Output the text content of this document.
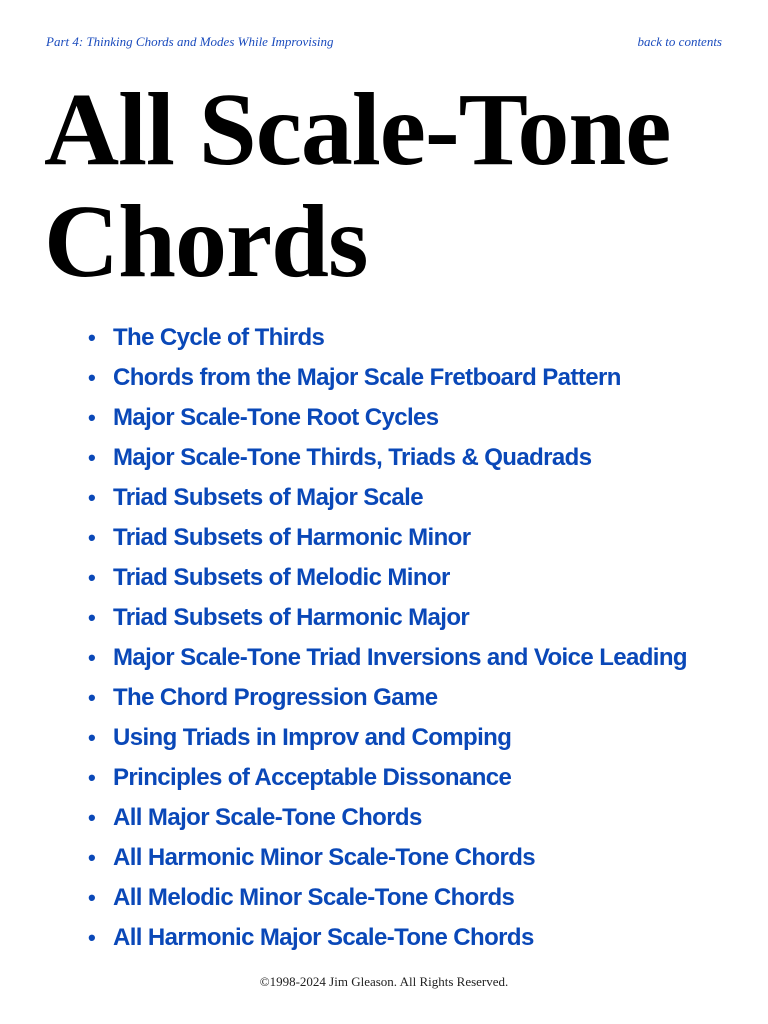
Part 4: Thinking Chords and Modes While Improvising	back to contents
All Scale-Tone
Chords
• The Cycle of Thirds
• Chords from the Major Scale Fretboard Pattern
• Major Scale-Tone Root Cycles
• Major Scale-Tone Thirds, Triads & Quadrads
• Triad Subsets of Major Scale
• Triad Subsets of Harmonic Minor
• Triad Subsets of Melodic Minor
• Triad Subsets of Harmonic Major
• Major Scale-Tone Triad Inversions and Voice Leading
• The Chord Progression Game
• Using Triads in Improv and Comping
• Principles of Acceptable Dissonance
• All Major Scale-Tone Chords
• All Harmonic Minor Scale-Tone Chords
• All Melodic Minor Scale-Tone Chords
• All Harmonic Major Scale-Tone Chords
©1998-2024 Jim Gleason. All Rights Reserved.
